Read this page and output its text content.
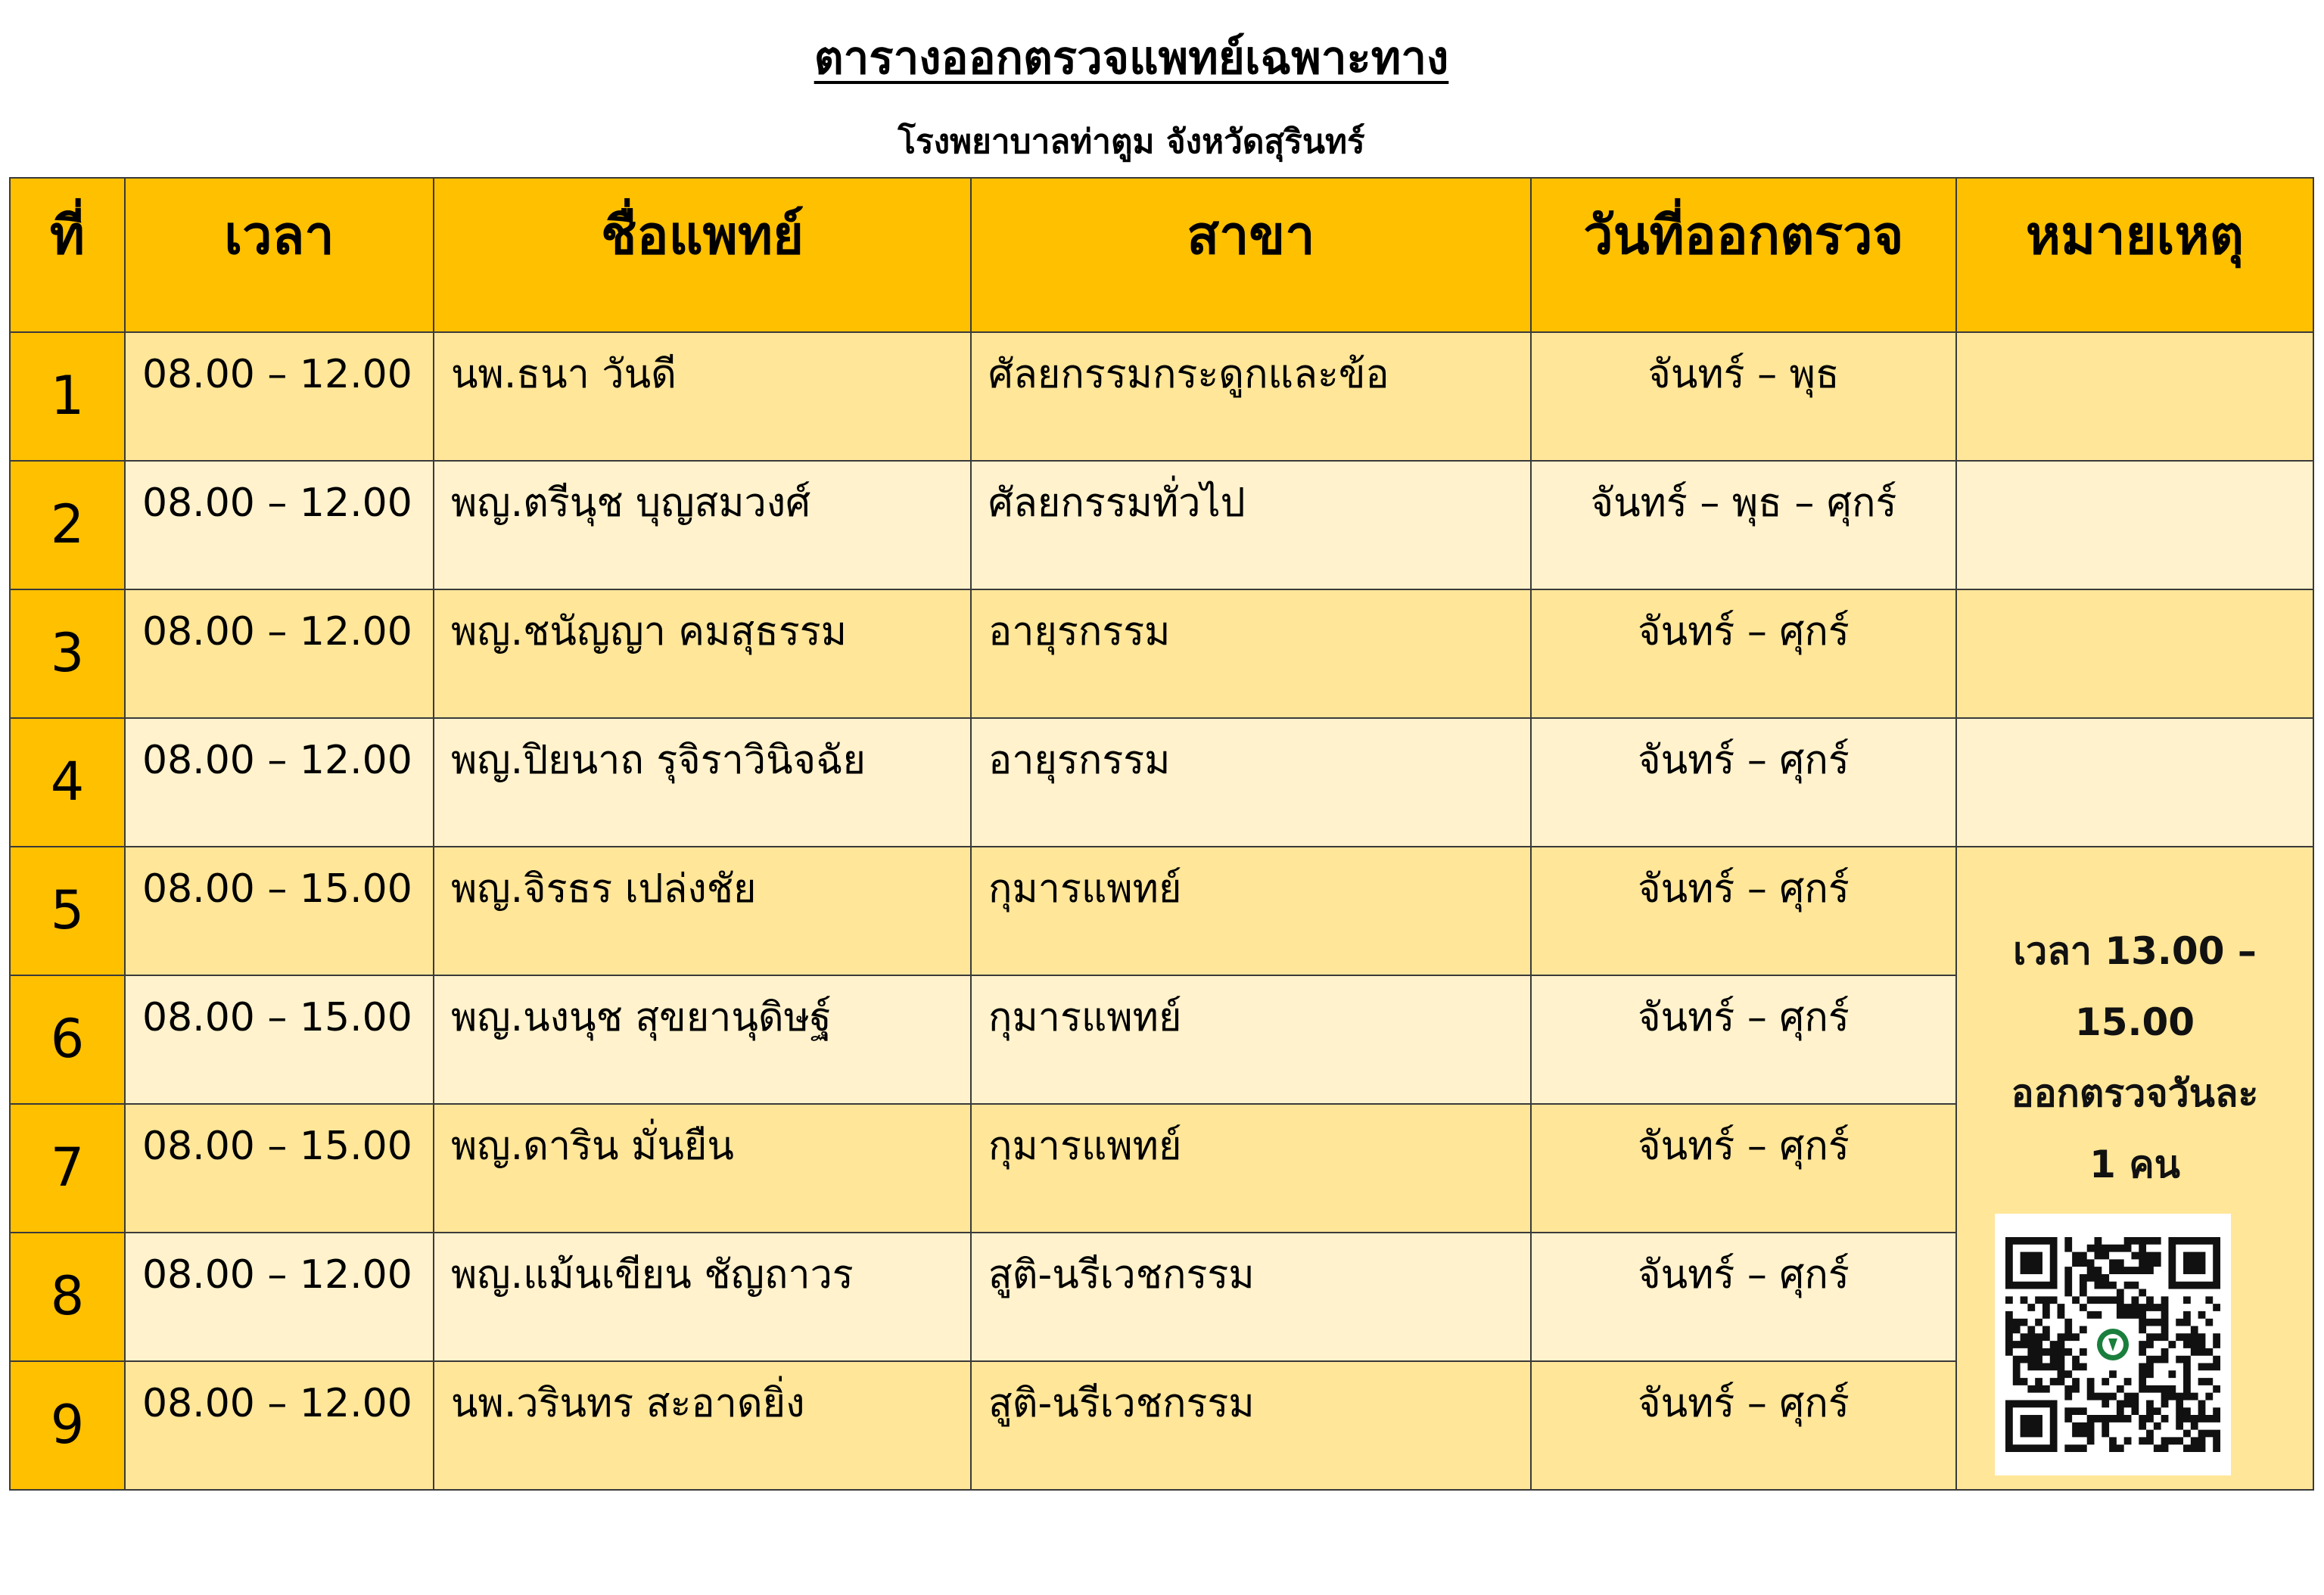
ตารางออกตรวจแพทย์เฉพาะทาง
โรงพยาบาลท่าตูม จังหวัดสุรินทร์
ที่	เวลา	ชื่อแพทย์	สาขา	วันที่ออกตรวจ	หมายเหตุ
1	08.00 – 12.00	นพ.ธนา วันดี	ศัลยกรรมกระดูกและข้อ	จันทร์ – พุธ	
2	08.00 – 12.00	พญ.ตรีนุช บุญสมวงศ์	ศัลยกรรมทั่วไป	จันทร์ – พุธ – ศุกร์	
3	08.00 – 12.00	พญ.ชนัญญา คมสุธรรม	อายุรกรรม	จันทร์ – ศุกร์	
4	08.00 – 12.00	พญ.ปิยนาถ รุจิราวินิจฉัย	อายุรกรรม	จันทร์ – ศุกร์	
5	08.00 – 15.00	พญ.จิรธร เปล่งชัย	กุมารแพทย์	จันทร์ – ศุกร์	เวลา 13.00 –
15.00
ออกตรวจวันละ
1 คน

6	08.00 – 15.00	พญ.นงนุช สุขยานุดิษฐ์	กุมารแพทย์	จันทร์ – ศุกร์	
7	08.00 – 15.00	พญ.ดาริน มั่นยืน	กุมารแพทย์	จันทร์ – ศุกร์	
8	08.00 – 12.00	พญ.แม้นเขียน ชัญถาวร	สูติ-นรีเวชกรรม	จันทร์ – ศุกร์	
9	08.00 – 12.00	นพ.วรินทร สะอาดยิ่ง	สูติ-นรีเวชกรรม	จันทร์ – ศุกร์	
